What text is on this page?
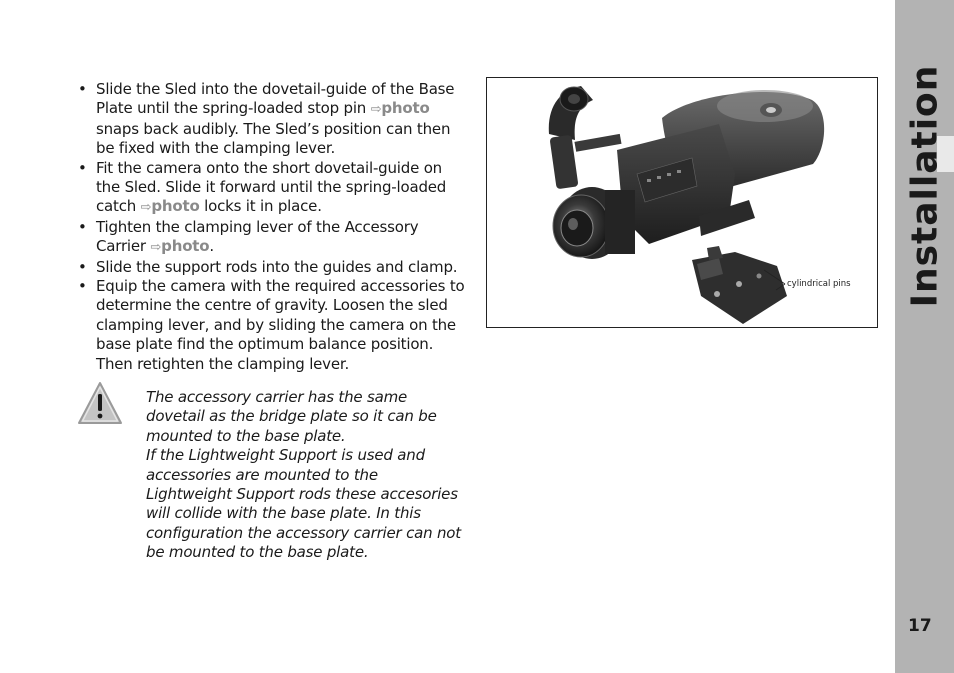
Installation
17
• Slide the Sled into the dovetail-guide of the Base Plate until the spring-loaded stop pin ⇨photo snaps back audibly. The Sled’s position can then be fixed with the clamping lever.
• Fit the camera onto the short dovetail-guide on the Sled. Slide it forward until the spring-loaded catch ⇨photo locks it in place.
• Tighten the clamping lever of the Accessory Carrier ⇨photo.
• Slide the support rods into the guides and clamp.
• Equip the camera with the required accessories to determine the centre of gravity. Loosen the sled clamping lever, and by sliding the camera on the base plate find the optimum balance position. Then retighten the clamping lever.

The accessory carrier has the same dovetail as the bridge plate so it can be mounted to the base plate.

If the Lightweight Support is used and accessories are mounted to the Lightweight Support rods these accesories will collide with the base plate. In this configuration the accessory carrier can not be mounted to the base plate.

cylindrical pins
